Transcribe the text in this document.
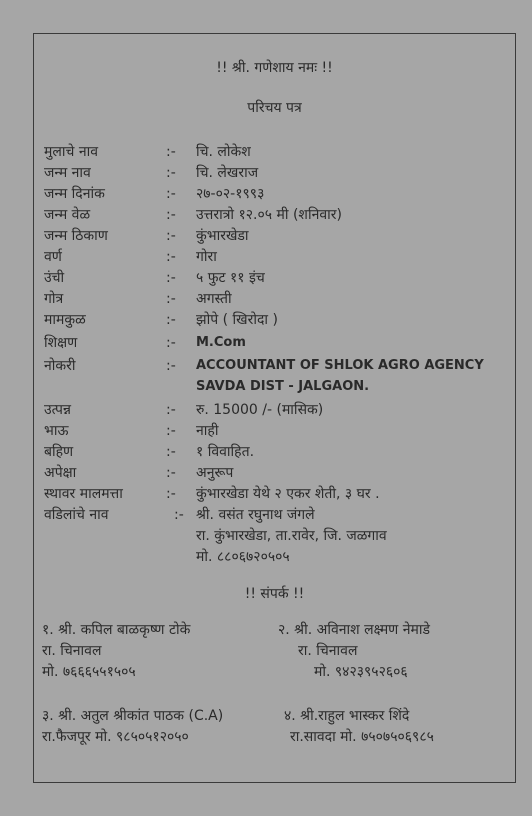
!! श्री. गणेशाय नमः !!
परिचय पत्र
मुलाचे नाव	:- चि. लोकेश
जन्म नाव	:- चि. लेखराज
जन्म दिनांक	:- २७-०२-१९९३
जन्म वेळ	:- उत्तरात्रो १२.०५ मी (शनिवार)
जन्म ठिकाण	:- कुंभारखेडा
वर्ण	:- गोरा
उंची	:- ५ फुट ११ इंच
गोत्र	:- अगस्ती
मामकुळ	:- झोपे ( खिरोदा )
शिक्षण	:- M.Com
नोकरी	:- ACCOUNTANT OF SHLOK AGRO AGENCY
SAVDA DIST - JALGAON.
उत्पन्न	:- रु. 15000 /- (मासिक)
भाऊ	:- नाही
बहिण	:- १ विवाहित.
अपेक्षा	:- अनुरूप
स्थावर मालमत्ता	:- कुंभारखेडा येथे २ एकर शेती, ३ घर .
वडिलांचे नाव	:- श्री. वसंत रघुनाथ जंगले
रा. कुंभारखेडा, ता.रावेर, जि. जळगाव
मो. ८८०६७२०५०५
!! संपर्क !!
१. श्री. कपिल बाळकृष्ण टोके
रा. चिनावल
मो. ७६६६५५१५०५
२. श्री. अविनाश लक्ष्मण नेमाडे
रा. चिनावल
मो. ९४२३९५२६०६
३. श्री. अतुल श्रीकांत पाठक (C.A)
रा.फैजपूर मो. ९८५०५१२०५०
४. श्री.राहुल भास्कर शिंदे
रा.सावदा मो. ७५०७५०६९८५
